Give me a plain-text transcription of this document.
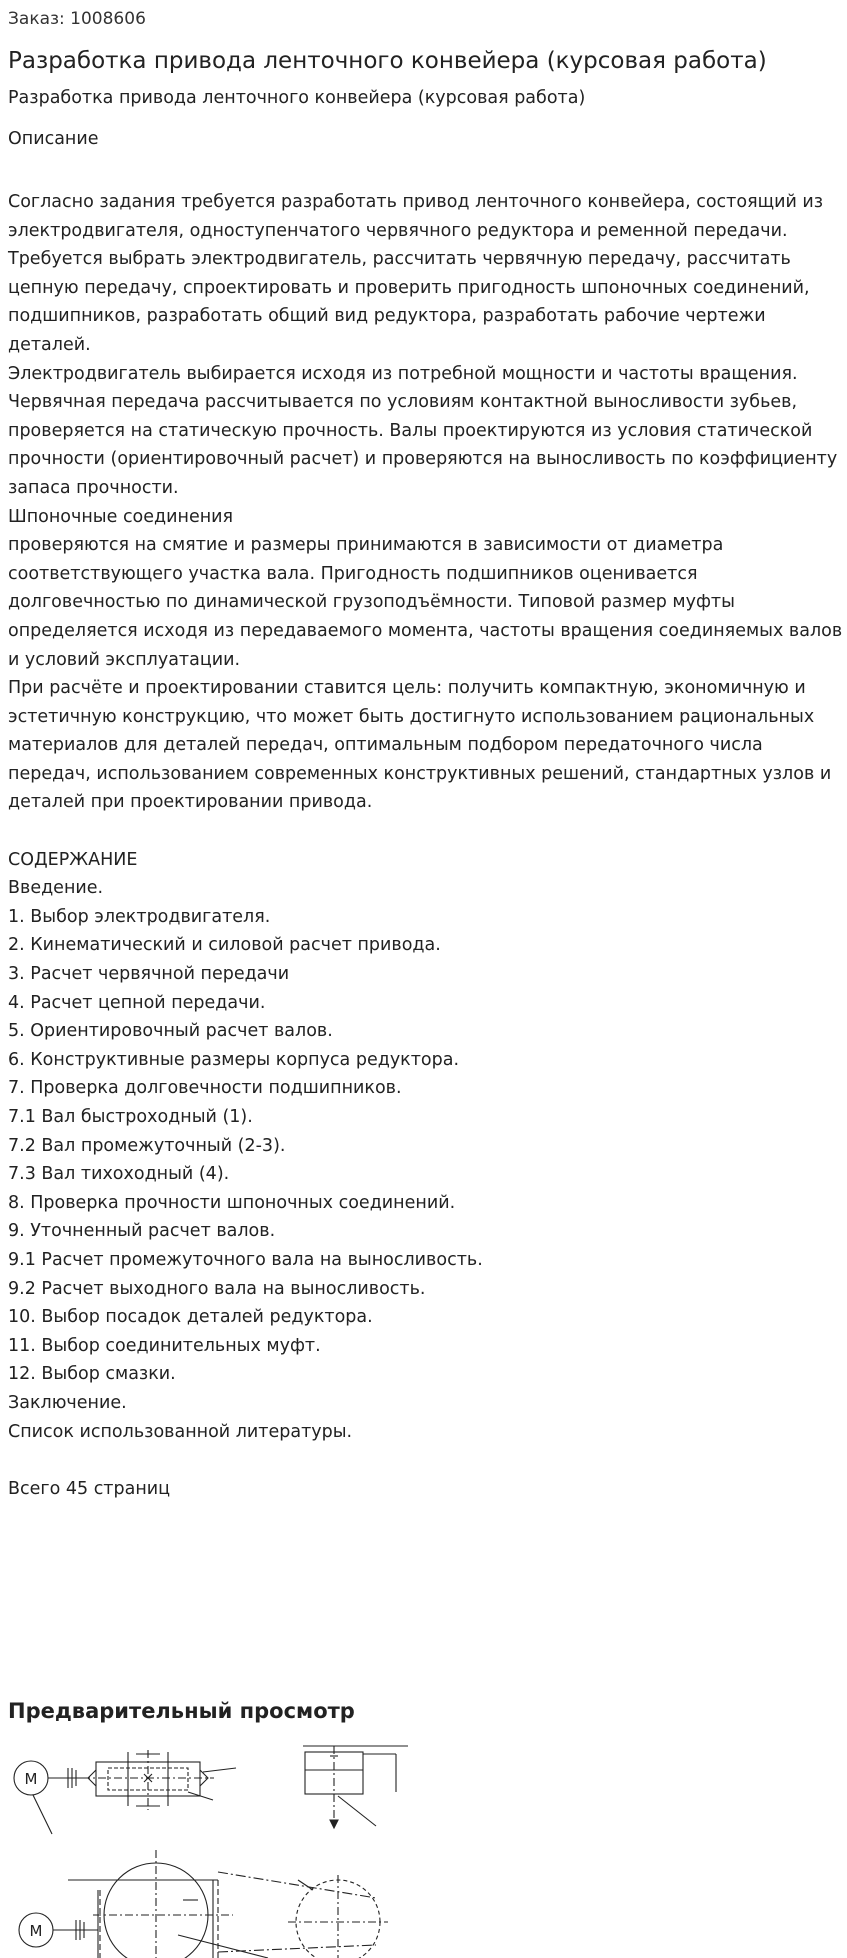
Заказ: 1008606
Разработка привода ленточного конвейера (курсовая работа)
Разработка привода ленточного конвейера (курсовая работа)
Описание

Согласно задания требуется разработать привод ленточного конвейера, состоящий из электродвигателя, одноступенчатого червячного редуктора и ременной передачи.

Требуется выбрать электродвигатель, рассчитать червячную передачу, рассчитать цепную передачу, спроектировать и проверить пригодность шпоночных соединений, подшипников, разработать общий вид редуктора, разработать рабочие чертежи деталей.

Электродвигатель выбирается исходя из потребной мощности и частоты вращения. Червячная передача рассчитывается по условиям контактной выносливости зубьев, проверяется на статическую прочность. Валы проектируются из условия статической прочности (ориентировочный расчет) и проверяются на выносливость по коэффициенту запаса прочности.

Шпоночные соединения

проверяются на смятие и размеры принимаются в зависимости от диаметра соответствующего участка вала. Пригодность подшипников оценивается долговечностью по динамической грузоподъёмности. Типовой размер муфты определяется исходя из передаваемого момента, частоты вращения соединяемых валов и условий эксплуатации.

При расчёте и проектировании ставится цель: получить компактную, экономичную и эстетичную конструкцию, что может быть достигнуто использованием рациональных материалов для деталей передач, оптимальным подбором передаточного числа передач, использованием современных конструктивных решений, стандартных узлов и деталей при проектировании привода.

СОДЕРЖАНИЕ
Введение.
1. Выбор электродвигателя.
2. Кинематический и силовой расчет привода.
3. Расчет червячной передачи
4. Расчет цепной передачи.
5. Ориентировочный расчет валов.
6. Конструктивные размеры корпуса редуктора.
7. Проверка долговечности подшипников.
7.1 Вал быстроходный (1).
7.2 Вал промежуточный (2-3).
7.3 Вал тихоходный (4).
8. Проверка прочности шпоночных соединений.
9. Уточненный расчет валов.
9.1 Расчет промежуточного вала на выносливость.
9.2 Расчет выходного вала на выносливость.
10. Выбор посадок деталей редуктора.
11. Выбор соединительных муфт.
12. Выбор смазки.
Заключение.
Список использованной литературы.
Всего 45 страниц
Предварительный просмотр
M
M
